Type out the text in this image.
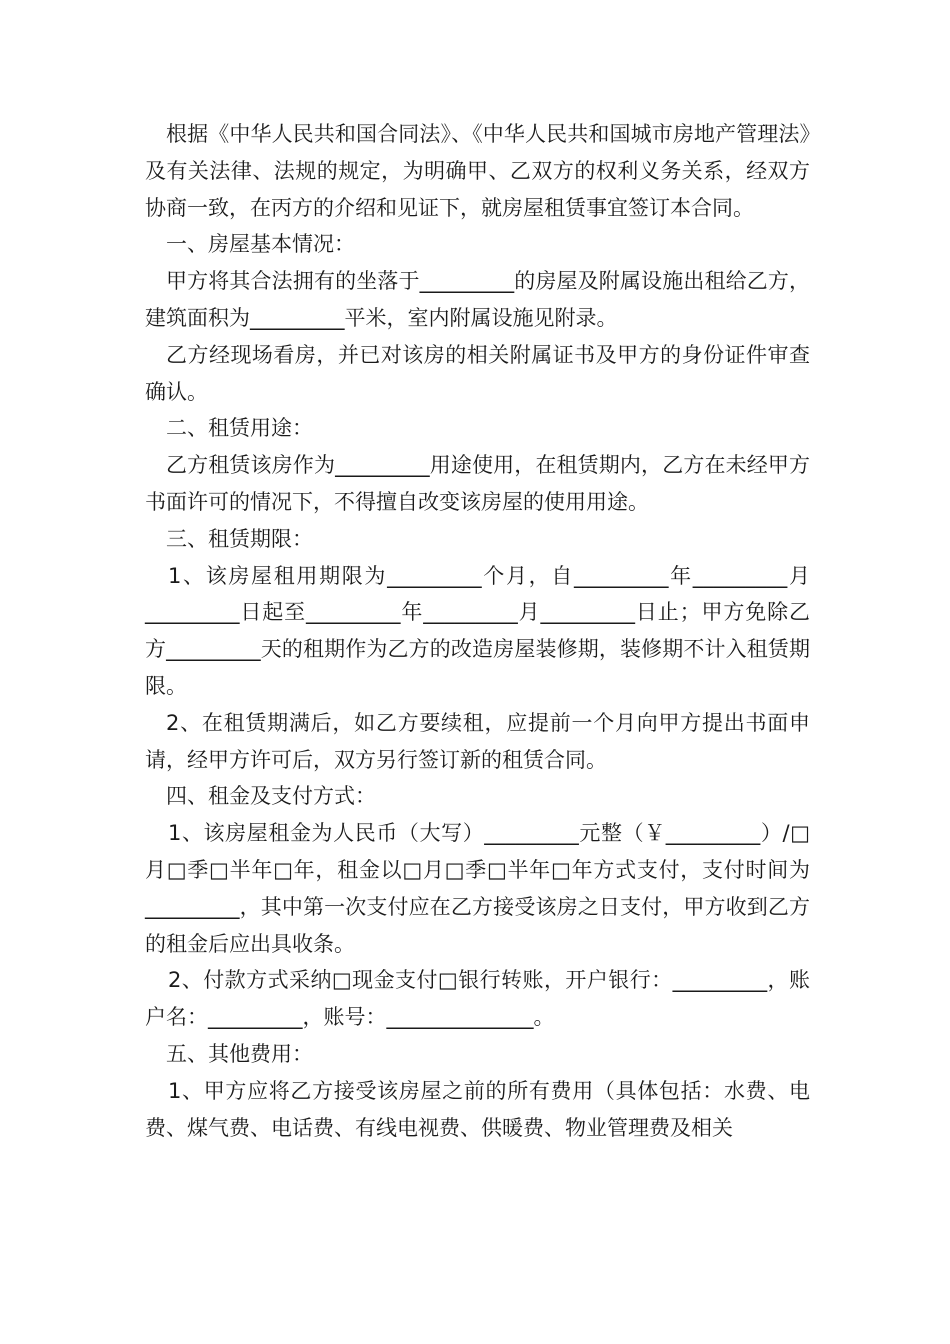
根据《中华人民共和国合同法》、《中华人民共和国城市房地产管理法》及有关法律、法规的规定，为明确甲、乙双方的权利义务关系，经双方协商一致，在丙方的介绍和见证下，就房屋租赁事宜签订本合同。

一、房屋基本情况：

甲方将其合法拥有的坐落于_________的房屋及附属设施出租给乙方，建筑面积为_________平米，室内附属设施见附录。

乙方经现场看房，并已对该房的相关附属证书及甲方的身份证件审查确认。

二、租赁用途：

乙方租赁该房作为_________用途使用，在租赁期内，乙方在未经甲方书面许可的情况下，不得擅自改变该房屋的使用用途。

三、租赁期限：

1、该房屋租用期限为_________个月，自_________年_________月_________日起至_________年_________月_________日止；甲方免除乙方_________天的租期作为乙方的改造房屋装修期，装修期不计入租赁期限。

2、在租赁期满后，如乙方要续租，应提前一个月向甲方提出书面申请，经甲方许可后，双方另行签订新的租赁合同。

四、租金及支付方式：

1、该房屋租金为人民币（大写）_________元整（￥_________）/□月□季□半年□年，租金以□月□季□半年□年方式支付，支付时间为_________，其中第一次支付应在乙方接受该房之日支付，甲方收到乙方的租金后应出具收条。

2、付款方式采纳□现金支付□银行转账，开户银行：_________，账户名：_________，账号：______________。

五、其他费用：

1、甲方应将乙方接受该房屋之前的所有费用（具体包括：水费、电费、煤气费、电话费、有线电视费、供暖费、物业管理费及相关
